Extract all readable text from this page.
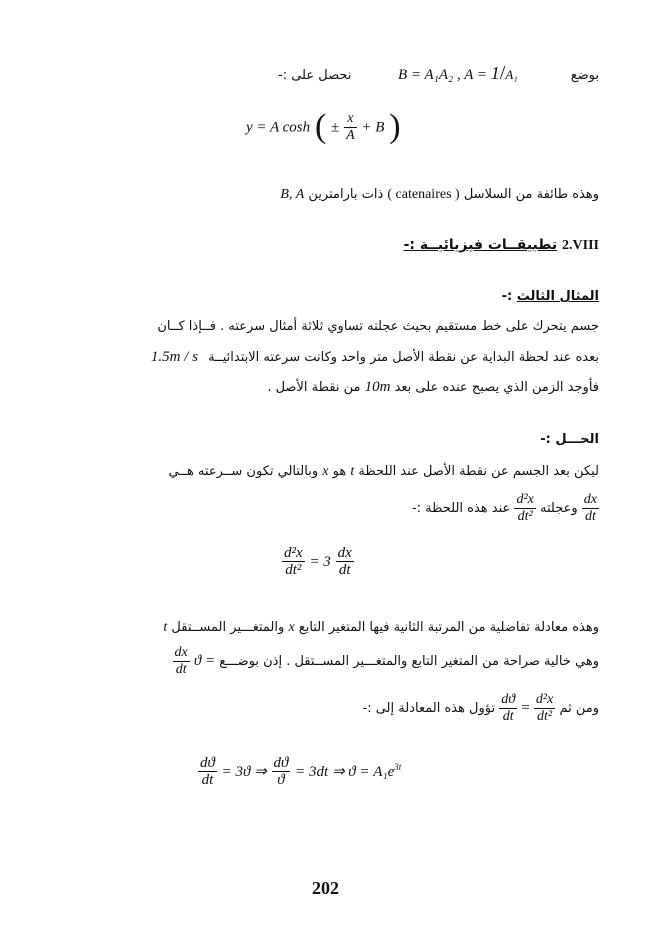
بوضع
B = A₁A₂ , A = 1/A₁
نحصل على :-
y = A cosh ( ± $\frac{x}{A} + B$ )
وهذه طائفة من السلاسل ( catenaires ) ذات بارامترين B, A
VIII2. تطبيقــات فيزيائيــة :-
المثال الثالث :-
جسم يتحرك على خط مستقيم بحيث عجلته تساوي ثلاثة أمثال سرعته . فــإذا كــان
بعده عند لحظة البداية عن نقطة الأصل متر واحد وكانت سرعته الابتدائيــة 1.5m / s
فأوجد الزمن الذي يصبح عنده على بعد 10m من نقطة الأصل .
الحـــل :-
ليكن بعد الجسم عن نقطة الأصل عند اللحظة t هو x وبالتالي تكون ســرعته هــي
$\frac{dx}{dt}$
وعجلته
$\frac{\text{d²x}}{\text{dt²}}$
عند هذه اللحظة :-
$\frac{\text{d²x}}{\text{dt²}} = 3 \frac{dx}{dt}$
وهذه معادلة تفاضلية من المرتبة الثانية فيها المتغير التابع x والمتغـــير المســتقل t
وهي خالية صراحة من المتغير التابع والمتغـــير المســتقل . إذن بوضـــع ϑ =
$\frac{dx}{dt}$
ومن ثم
$\frac{\text{d²x}}{\text{dt²}}$
=
$\frac{dϑ}{dt}$
تؤول هذه المعادلة إلى :-
$\frac{dϑ}{dt} = 3ϑ$ ⇒ $\frac{dϑ}{ϑ} = 3dt$ ⇒ $ϑ = A_1e^{3t}$
202
